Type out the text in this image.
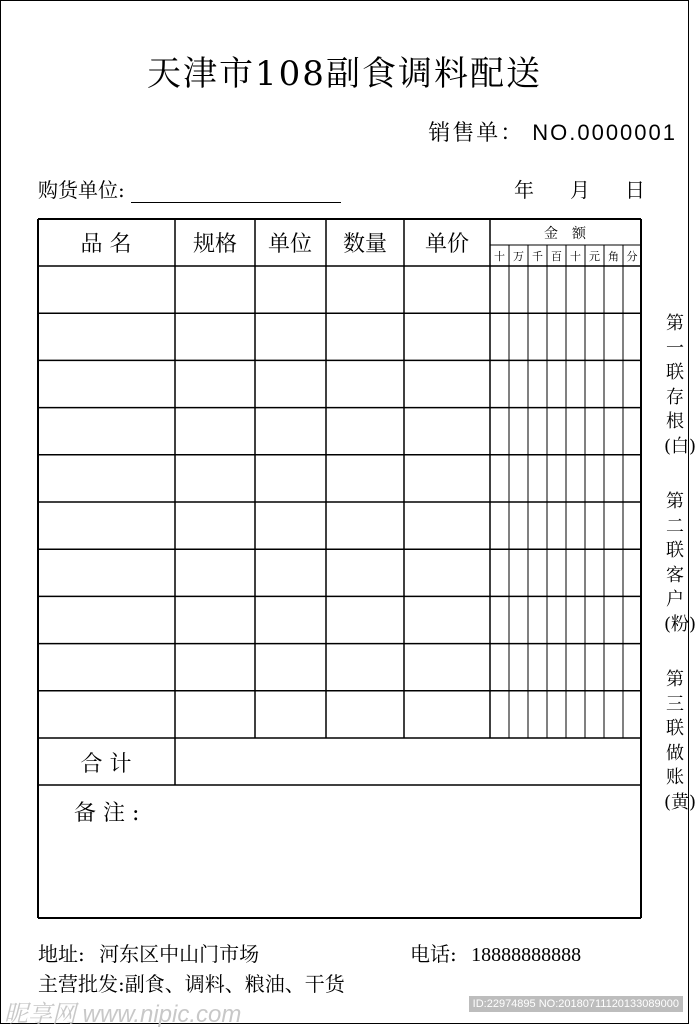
天津市108副食调料配送
销售单： NO.0000001
购货单位:	年 月 日
品 名	规格 单位 数量 单价	金　额
十 万 千 百 十 元 角 分
合 计
备 注 :
第
一
联
存
根
(白)
第
二
联
客
户
(粉)
第
三
联
做
账
(黄)
地址: 河东区中山门市场	电话: 18888888888
主营批发:副食、调料、粮油、干货
昵享网 www.nipic.com	ID:22974895 NO:20180711120133089000
